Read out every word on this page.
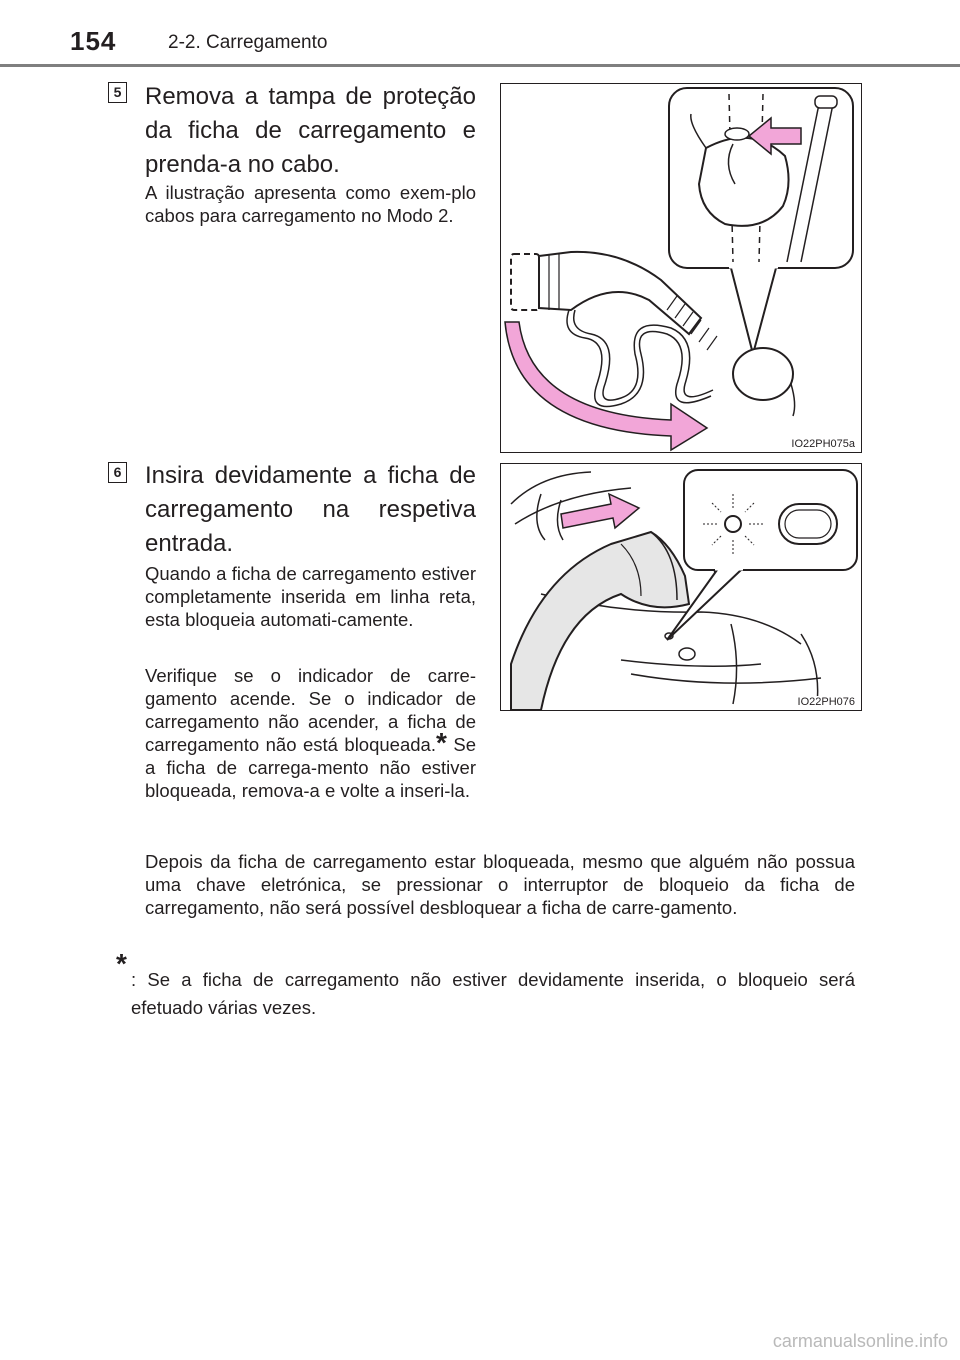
154	2-2. Carregamento
5 Remova a tampa de proteção da ficha de carregamento e prenda-a no cabo.

A ilustração apresenta como exem-plo cabos para carregamento no Modo 2.

IO22PH075a
6 Insira devidamente a ficha de carregamento na respetiva entrada.

Quando a ficha de carregamento estiver completamente inserida em linha reta, esta bloqueia automati-camente.

Verifique se o indicador de carre-gamento acende. Se o indicador de carregamento não acender, a ficha de carregamento não está bloqueada.* Se a ficha de carrega-mento não estiver bloqueada, remova-a e volte a inseri-la.

IO22PH076

Depois da ficha de carregamento estar bloqueada, mesmo que alguém não possua uma chave eletrónica, se pressionar o interruptor de bloqueio da ficha de carregamento, não será possível desbloquear a ficha de carre-gamento.

*

: Se a ficha de carregamento não estiver devidamente inserida, o bloqueio será efetuado várias vezes.

carmanualsonline.info
